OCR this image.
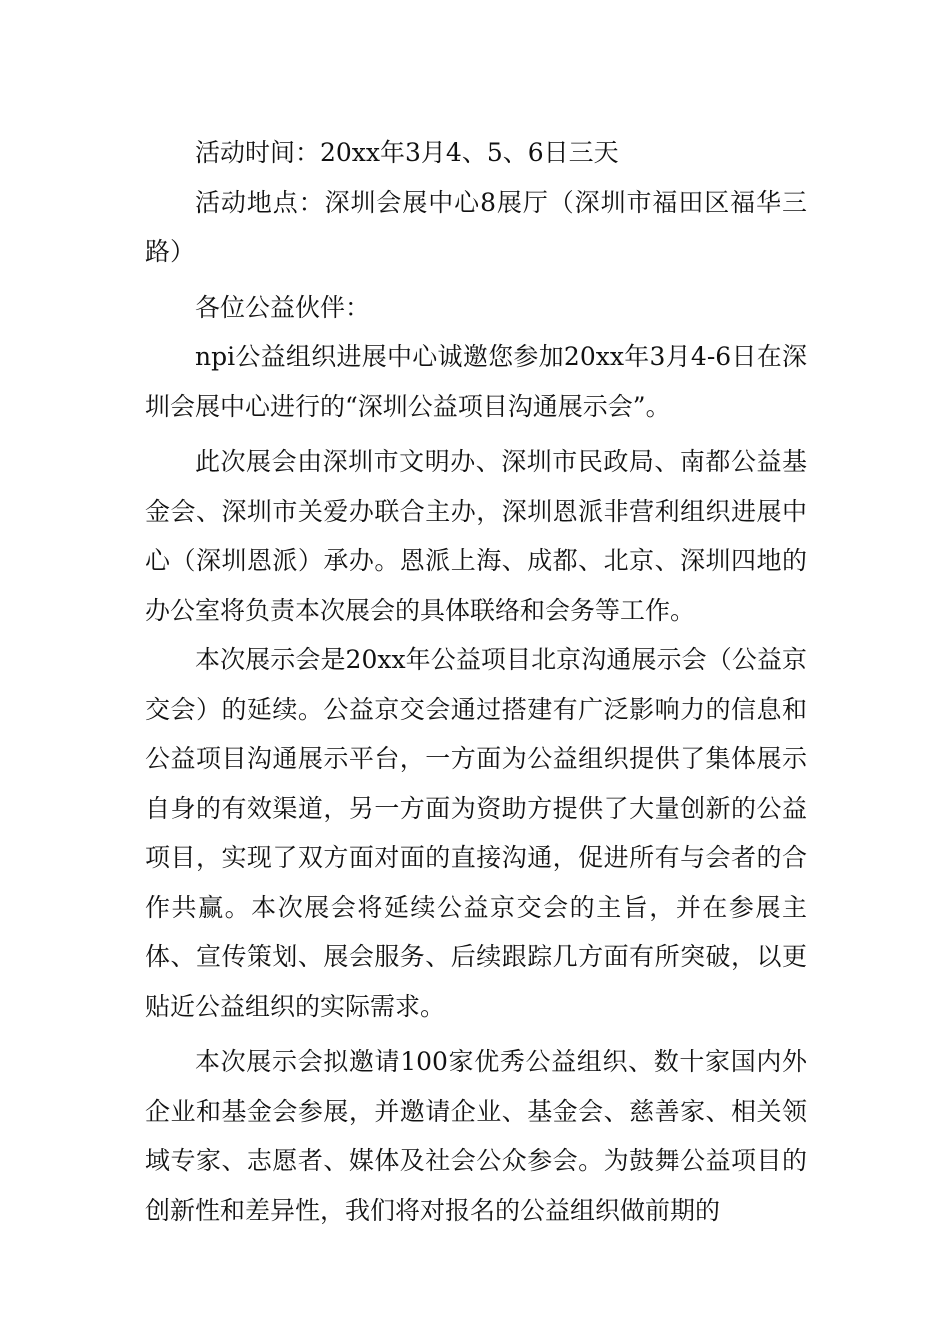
活动时间：20xx年3月4、5、6日三天

活动地点：深圳会展中心8展厅（深圳市福田区福华三路）

各位公益伙伴：

npi公益组织进展中心诚邀您参加20xx年3月4-6日在深圳会展中心进行的“深圳公益项目沟通展示会”。

此次展会由深圳市文明办、深圳市民政局、南都公益基金会、深圳市关爱办联合主办，深圳恩派非营利组织进展中心（深圳恩派）承办。恩派上海、成都、北京、深圳四地的办公室将负责本次展会的具体联络和会务等工作。

本次展示会是20xx年公益项目北京沟通展示会（公益京交会）的延续。公益京交会通过搭建有广泛影响力的信息和公益项目沟通展示平台，一方面为公益组织提供了集体展示自身的有效渠道，另一方面为资助方提供了大量创新的公益项目，实现了双方面对面的直接沟通，促进所有与会者的合作共赢。本次展会将延续公益京交会的主旨，并在参展主体、宣传策划、展会服务、后续跟踪几方面有所突破，以更贴近公益组织的实际需求。

本次展示会拟邀请100家优秀公益组织、数十家国内外企业和基金会参展，并邀请企业、基金会、慈善家、相关领域专家、志愿者、媒体及社会公众参会。为鼓舞公益项目的创新性和差异性，我们将对报名的公益组织做前期的
